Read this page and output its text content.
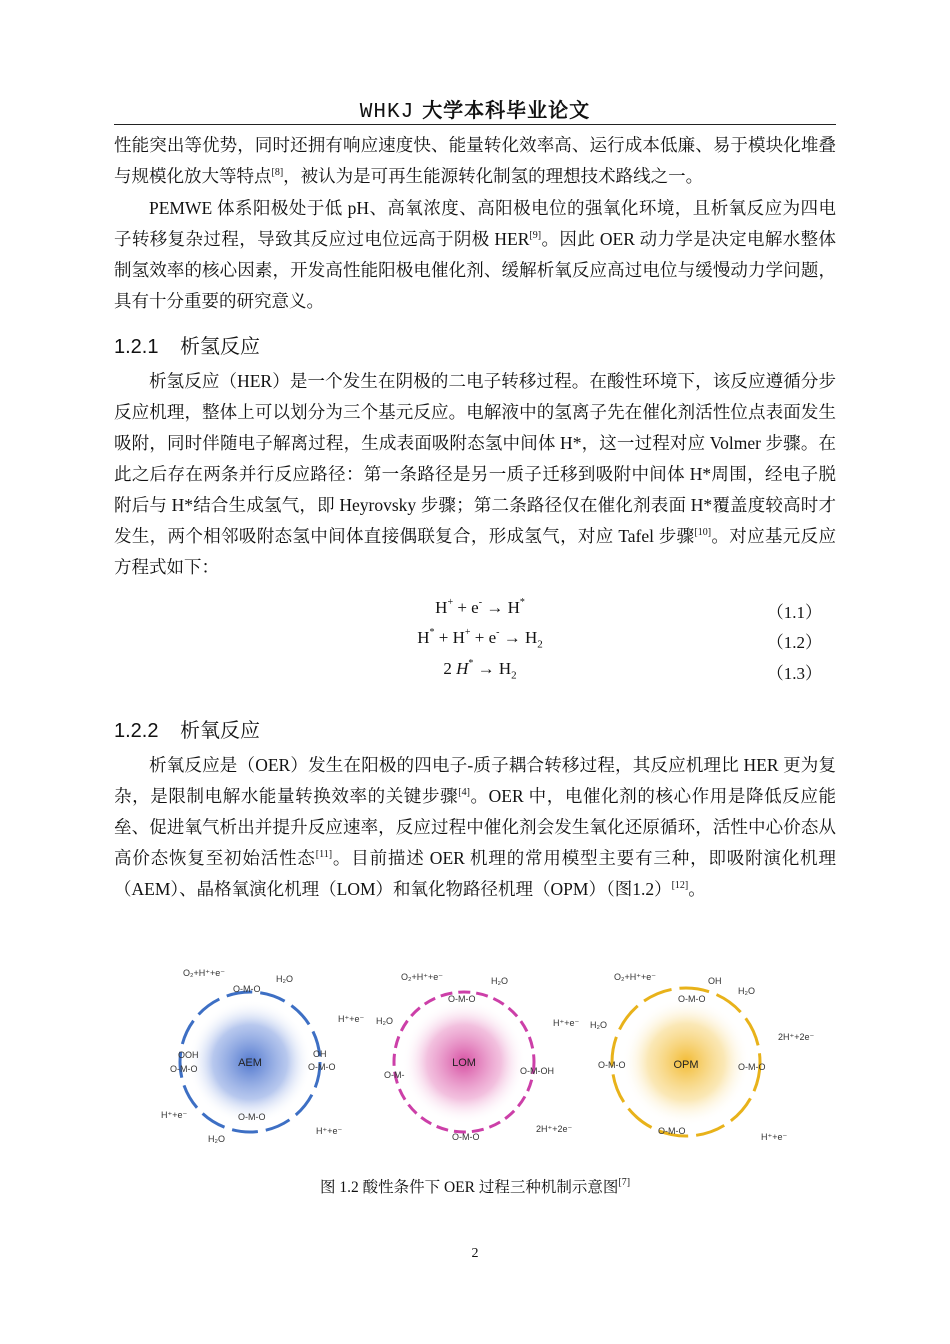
WHKJ 大学本科毕业论文

性能突出等优势，同时还拥有响应速度快、能量转化效率高、运行成本低廉、易于模块化堆叠与规模化放大等特点[8]，被认为是可再生能源转化制氢的理想技术路线之一。

PEMWE 体系阳极处于低 pH、高氧浓度、高阳极电位的强氧化环境，且析氧反应为四电子转移复杂过程，导致其反应过电位远高于阴极 HER[9]。因此 OER 动力学是决定电解水整体制氢效率的核心因素，开发高性能阳极电催化剂、缓解析氧反应高过电位与缓慢动力学问题，具有十分重要的研究意义。

1.2.1 析氢反应

析氢反应（HER）是一个发生在阴极的二电子转移过程。在酸性环境下，该反应遵循分步反应机理，整体上可以划分为三个基元反应。电解液中的氢离子先在催化剂活性位点表面发生吸附，同时伴随电子解离过程，生成表面吸附态氢中间体 H*，这一过程对应 Volmer 步骤。在此之后存在两条并行反应路径：第一条路径是另一质子迁移到吸附中间体 H*周围，经电子脱附后与 H*结合生成氢气，即 Heyrovsky 步骤；第二条路径仅在催化剂表面 H*覆盖度较高时才发生，两个相邻吸附态氢中间体直接偶联复合，形成氢气，对应 Tafel 步骤[10]。对应基元反应方程式如下：

H+ + e- → H*
（1.1）
$H^* + H^+ + e^- \to H_2$	（1.2）
2 $H^* \to H_2$	（1.3）
1.2.2 析氧反应

析氧反应是（OER）发生在阳极的四电子-质子耦合转移过程，其反应机理比 HER 更为复杂，是限制电解水能量转换效率的关键步骤[4]。OER 中，电催化剂的核心作用是降低反应能垒、促进氧气析出并提升反应速率，反应过程中催化剂会发生氧化还原循环，活性中心价态从高价态恢复至初始活性态[11]。目前描述 OER 机理的常用模型主要有三种，即吸附演化机理（AEM）、晶格氧演化机理（LOM）和氧化物路径机理（OPM）（图1.2）[12]。

AEM
O₂+H⁺+e⁻
H₂O
O-M-O
H⁺+e⁻
OH
O-M-O
OOH
O-M-O
H⁺+e⁻	O-M-O
H₂O
H⁺+e⁻
LOM
O₂+H⁺+e⁻	H₂O
O-M-O
H₂O	H⁺+e⁻
O-M-	O-M-OH
O-M-O
2H⁺+2e⁻
OPM
O₂+H⁺+e⁻	OH
O-M-O
H₂O
H₂O
2H⁺+2e⁻
O-M-O	O-M-O
O-M-O
H⁺+e⁻
图 1.2 酸性条件下 OER 过程三种机制示意图[7]
2
